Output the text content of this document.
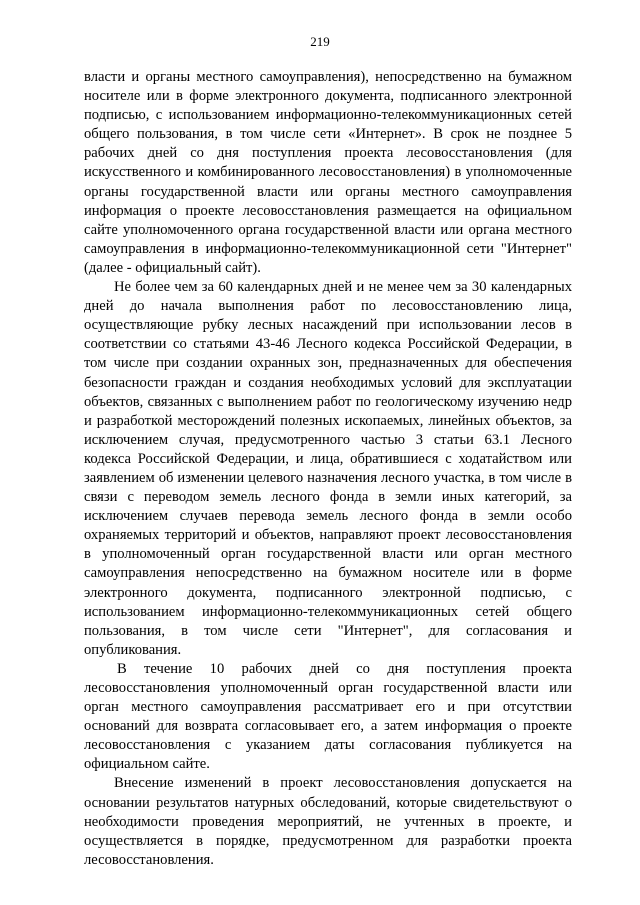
219

власти и органы местного самоуправления), непосредственно на бумажном носителе или в форме электронного документа, подписанного электронной подписью, с использованием информационно-телекоммуникационных сетей общего пользования, в том числе сети «Интернет». В срок не позднее 5 рабочих дней со дня поступления проекта лесовосстановления (для искусственного и комбинированного лесовосстановления) в уполномоченные органы государственной власти или органы местного самоуправления информация о проекте лесовосстановления размещается на официальном сайте уполномоченного органа государственной власти или органа местного самоуправления в информационно-телекоммуникационной сети "Интернет" (далее - официальный сайт).

Не более чем за 60 календарных дней и не менее чем за 30 календарных дней до начала выполнения работ по лесовосстановлению лица, осуществляющие рубку лесных насаждений при использовании лесов в соответствии со статьями 43-46 Лесного кодекса Российской Федерации, в том числе при создании охранных зон, предназначенных для обеспечения безопасности граждан и создания необходимых условий для эксплуатации объектов, связанных с выполнением работ по геологическому изучению недр и разработкой месторождений полезных ископаемых, линейных объектов, за исключением случая, предусмотренного частью 3 статьи 63.1 Лесного кодекса Российской Федерации, и лица, обратившиеся с ходатайством или заявлением об изменении целевого назначения лесного участка, в том числе в связи с переводом земель лесного фонда в земли иных категорий, за исключением случаев перевода земель лесного фонда в земли особо охраняемых территорий и объектов, направляют проект лесовосстановления в уполномоченный орган государственной власти или орган местного самоуправления непосредственно на бумажном носителе или в форме электронного документа, подписанного электронной подписью, с использованием информационно-телекоммуникационных сетей общего пользования, в том числе сети "Интернет", для согласования и опубликования.

В течение 10 рабочих дней со дня поступления проекта лесовосстановления уполномоченный орган государственной власти или орган местного самоуправления рассматривает его и при отсутствии оснований для возврата согласовывает его, а затем информация о проекте лесовосстановления с указанием даты согласования публикуется на официальном сайте.

Внесение изменений в проект лесовосстановления допускается на основании результатов натурных обследований, которые свидетельствуют о необходимости проведения мероприятий, не учтенных в проекте, и осуществляется в порядке, предусмотренном для разработки проекта лесовосстановления.
